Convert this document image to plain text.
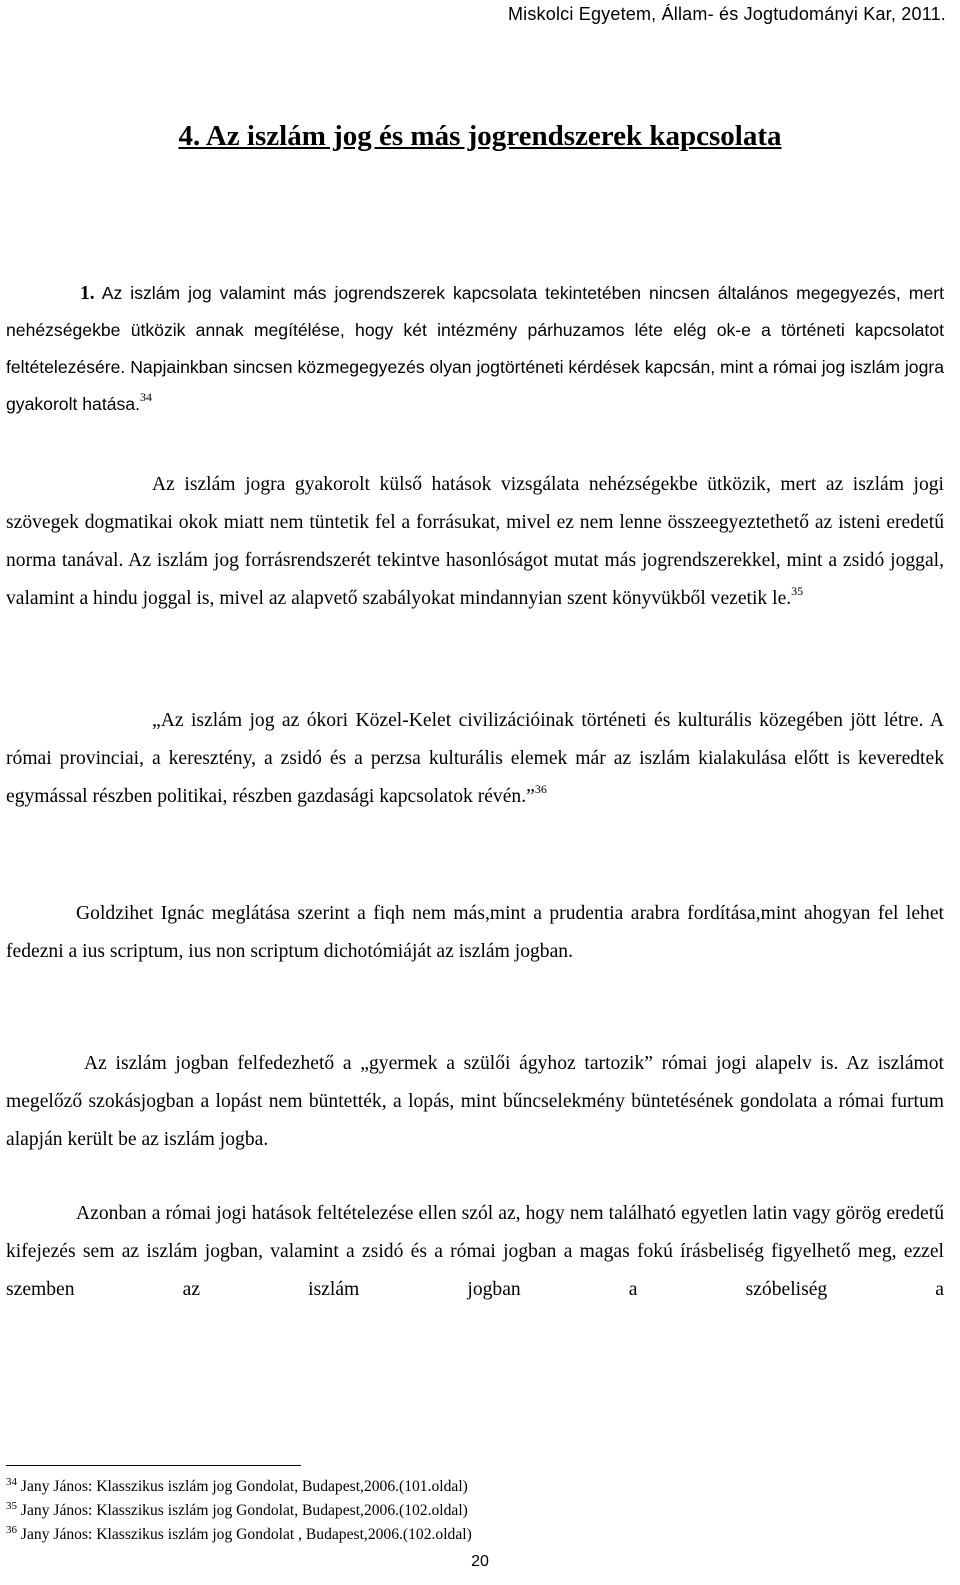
Miskolci Egyetem, Állam- és Jogtudományi Kar, 2011.
4. Az iszlám jog és más jogrendszerek kapcsolata

1. Az iszlám jog valamint más jogrendszerek kapcsolata tekintetében nincsen általános megegyezés, mert nehézségekbe ütközik annak megítélése, hogy két intézmény párhuzamos léte elég ok-e a történeti kapcsolatot feltételezésére. Napjainkban sincsen közmegegyezés olyan jogtörténeti kérdések kapcsán, mint a római jog iszlám jogra gyakorolt hatása.$^{34}$

Az iszlám jogra gyakorolt külső hatások vizsgálata nehézségekbe ütközik, mert az iszlám jogi szövegek dogmatikai okok miatt nem tüntetik fel a forrásukat, mivel ez nem lenne összeegyeztethető az isteni eredetű norma tanával. Az iszlám jog forrásrendszerét tekintve hasonlóságot mutat más jogrendszerekkel, mint a zsidó joggal, valamint a hindu joggal is, mivel az alapvető szabályokat mindannyian szent könyvükből vezetik le.$^{35}$

„Az iszlám jog az ókori Közel-Kelet civilizációinak történeti és kulturális közegében jött létre. A római provinciai, a keresztény, a zsidó és a perzsa kulturális elemek már az iszlám kialakulása előtt is keveredtek egymással részben politikai, részben gazdasági kapcsolatok révén.”$^{36}$

Goldzihet Ignác meglátása szerint a fiqh nem más,mint a prudentia arabra fordítása,mint ahogyan fel lehet fedezni a ius scriptum, ius non scriptum dichotómiáját az iszlám jogban.

Az iszlám jogban felfedezhető a „gyermek a szülői ágyhoz tartozik” római jogi alapelv is. Az iszlámot megelőző szokásjogban a lopást nem büntették, a lopás, mint bűncselekmény büntetésének gondolata a római furtum alapján került be az iszlám jogba.

Azonban a római jogi hatások feltételezése ellen szól az, hogy nem található egyetlen latin vagy görög eredetű kifejezés sem az iszlám jogban, valamint a zsidó és a római jogban a magas fokú írásbeliség figyelhető meg, ezzel szemben az iszlám jogban a szóbeliség a

$^{34}$ Jany János: Klasszikus iszlám jog Gondolat, Budapest,2006.(101.oldal)
$^{35}$ Jany János: Klasszikus iszlám jog Gondolat, Budapest,2006.(102.oldal)
$^{36}$ Jany János: Klasszikus iszlám jog Gondolat , Budapest,2006.(102.oldal)
20
